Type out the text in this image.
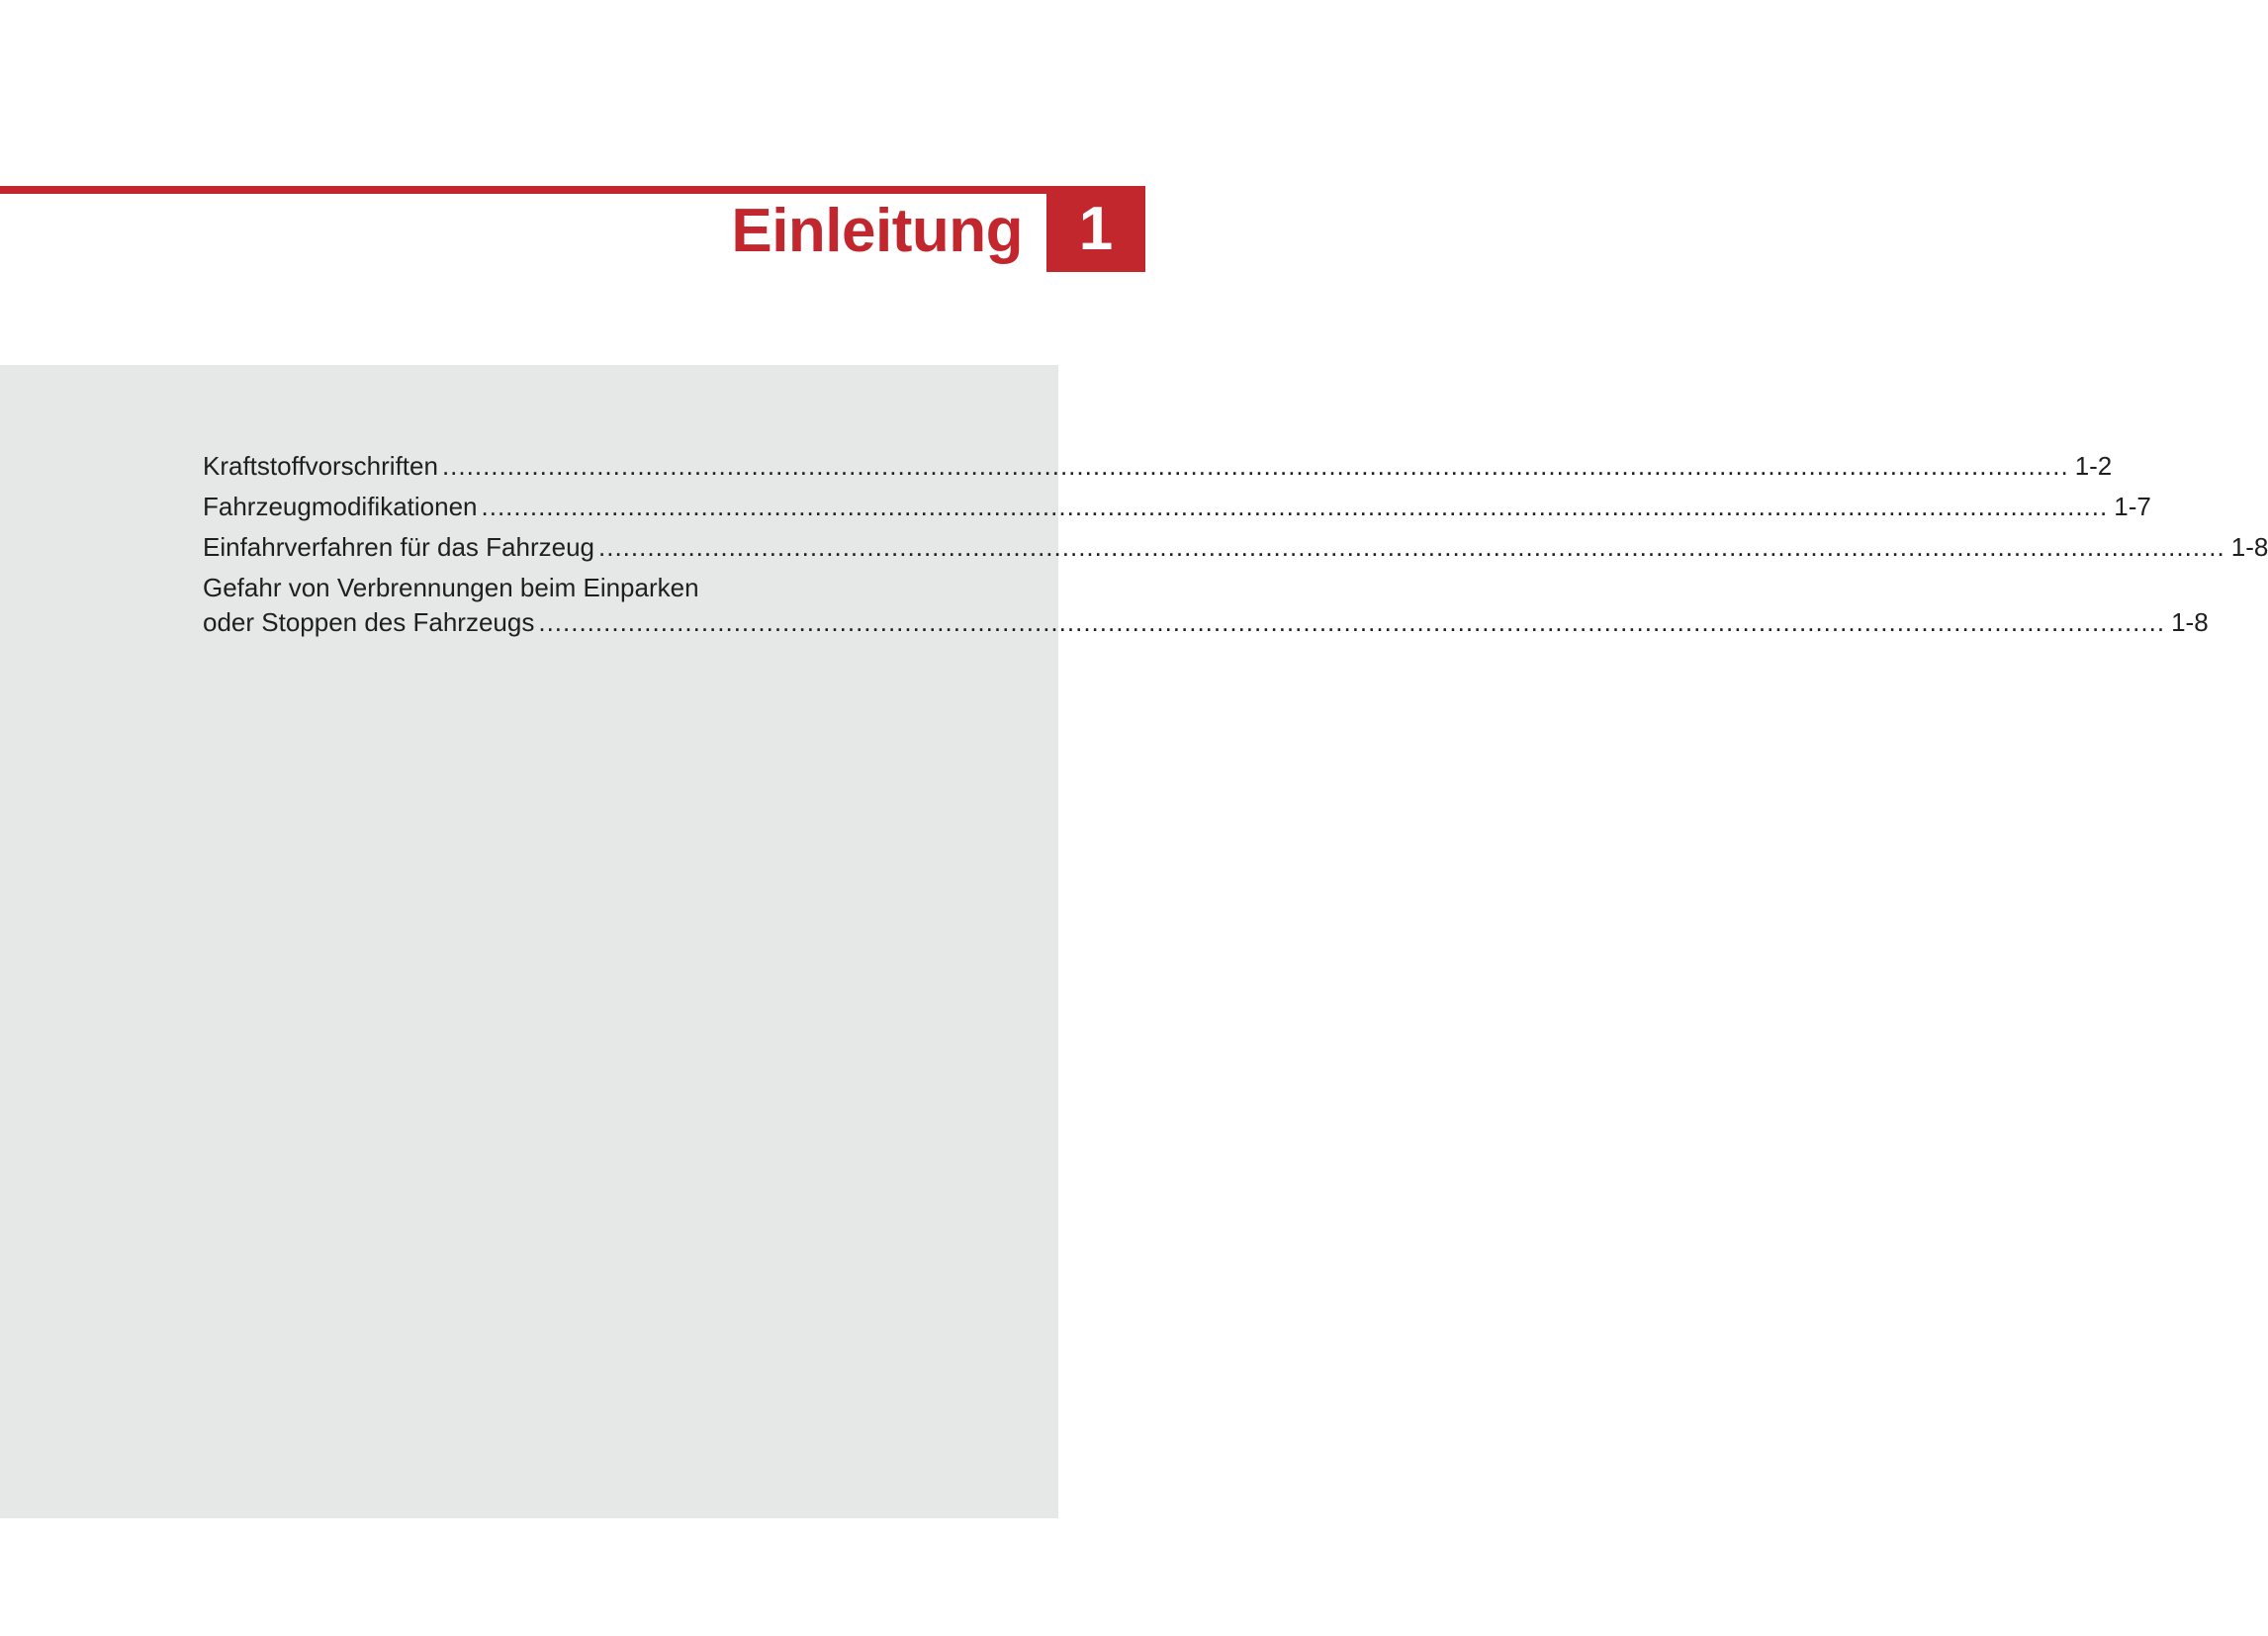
Einleitung 1
Kraftstoffvorschriften ........................................................................................................................................................................................................ 1-2
Fahrzeugmodifikationen ........................................................................................................................................................................................................ 1-7
Einfahrverfahren für das Fahrzeug ........................................................................................................................................................................................................ 1-8
Gefahr von Verbrennungen beim Einparken
oder Stoppen des Fahrzeugs ........................................................................................................................................................................................................ 1-8
